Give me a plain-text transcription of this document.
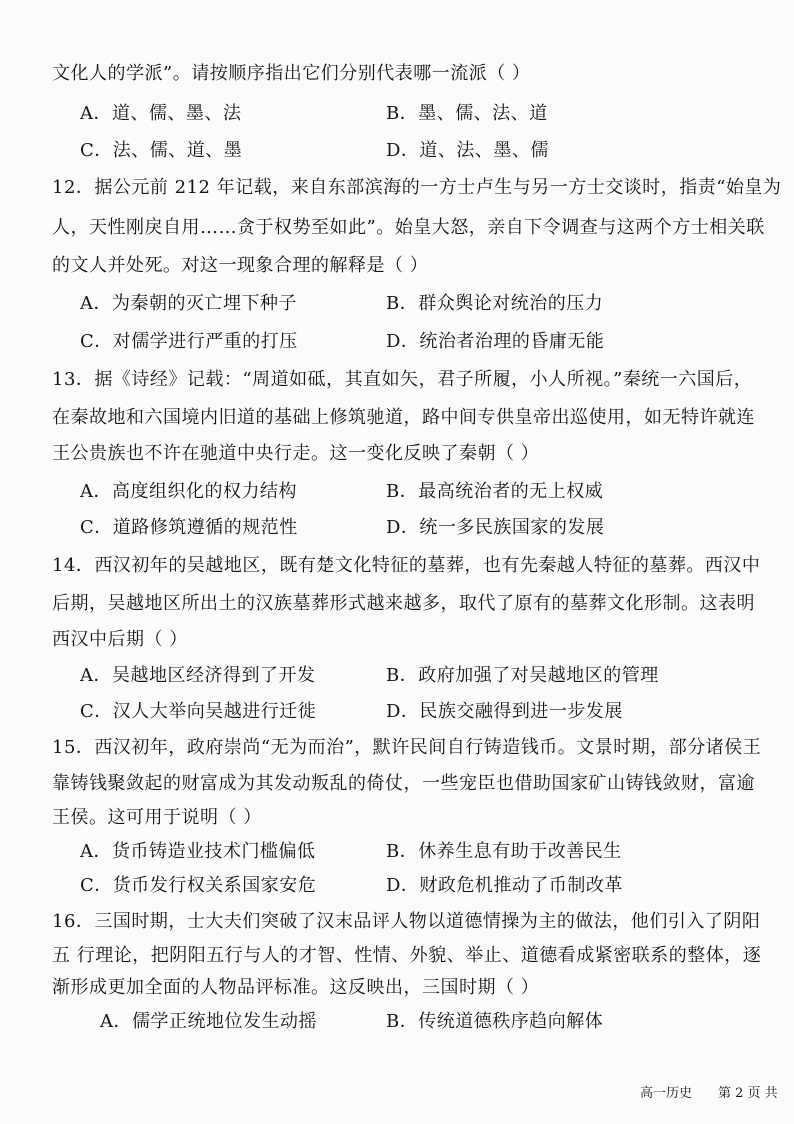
文化人的学派”。请按顺序指出它们分别代表哪一流派（ ）
A．道、儒、墨、法	B．墨、儒、法、道
C．法、儒、道、墨	D．道、法、墨、儒
12．据公元前 212 年记载，来自东部滨海的一方士卢生与另一方士交谈时，指责“始皇为
人，天性刚戾自用……贪于权势至如此”。始皇大怒，亲自下令调查与这两个方士相关联
的文人并处死。对这一现象合理的解释是（ ）
A．为秦朝的灭亡埋下种子	B．群众舆论对统治的压力
C．对儒学进行严重的打压	D．统治者治理的昏庸无能
13．据《诗经》记载：“周道如砥，其直如矢，君子所履，小人所视。”秦统一六国后，
在秦故地和六国境内旧道的基础上修筑驰道，路中间专供皇帝出巡使用，如无特许就连
王公贵族也不许在驰道中央行走。这一变化反映了秦朝（ ）
A．高度组织化的权力结构	B．最高统治者的无上权威
C．道路修筑遵循的规范性	D．统一多民族国家的发展
14．西汉初年的吴越地区，既有楚文化特征的墓葬，也有先秦越人特征的墓葬。西汉中
后期，吴越地区所出土的汉族墓葬形式越来越多，取代了原有的墓葬文化形制。这表明
西汉中后期（ ）
A．吴越地区经济得到了开发	B．政府加强了对吴越地区的管理
C．汉人大举向吴越进行迁徙	D．民族交融得到进一步发展
15．西汉初年，政府崇尚“无为而治”，默许民间自行铸造钱币。文景时期，部分诸侯王
靠铸钱聚敛起的财富成为其发动叛乱的倚仗，一些宠臣也借助国家矿山铸钱敛财，富逾
王侯。这可用于说明（ ）
A．货币铸造业技术门槛偏低	B．休养生息有助于改善民生
C．货币发行权关系国家安危	D．财政危机推动了币制改革
16．三国时期，士大夫们突破了汉末品评人物以道德情操为主的做法，他们引入了阴阳
五 行理论，把阴阳五行与人的才智、性情、外貌、举止、道德看成紧密联系的整体，逐
渐形成更加全面的人物品评标准。这反映出，三国时期（ ）
A．儒学正统地位发生动摇	B．传统道德秩序趋向解体
高一历史 第 2 页 共
